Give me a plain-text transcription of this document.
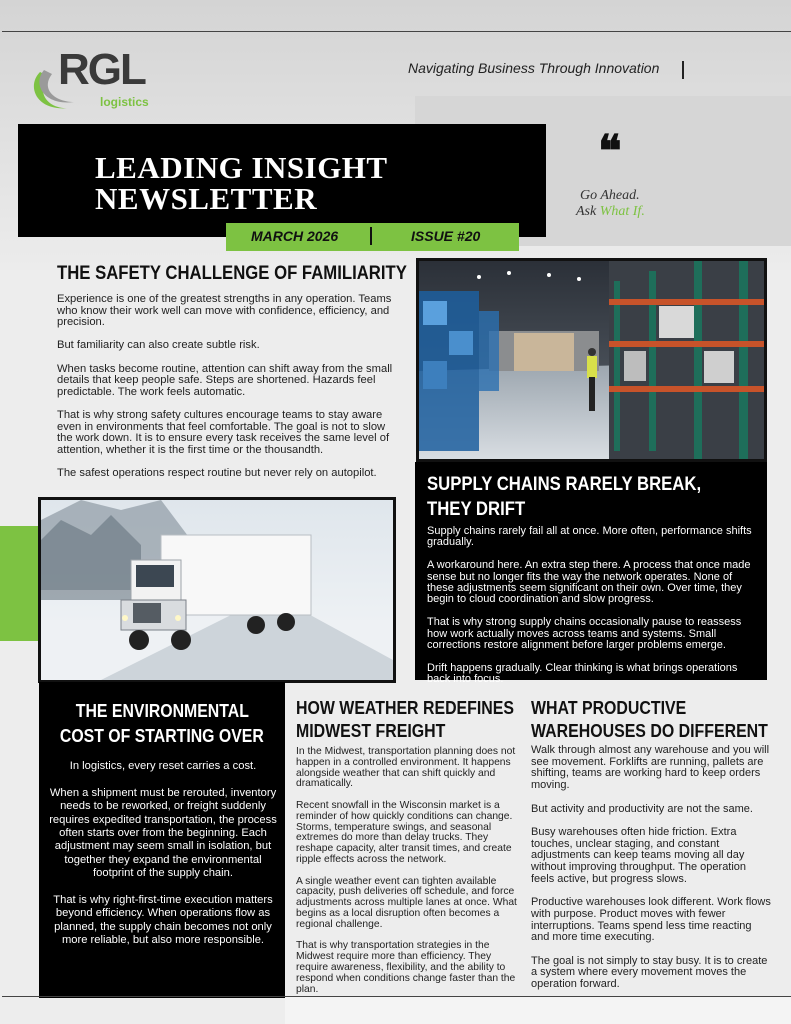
RGL
logistics
Navigating Business Through Innovation
❝
Go Ahead.
Ask What If.
LEADING INSIGHT
NEWSLETTER
MARCH 2026	ISSUE #20
THE SAFETY CHALLENGE OF FAMILIARITY

Experience is one of the greatest strengths in any operation. Teams who know their work well can move with confidence, efficiency, and precision.

But familiarity can also create subtle risk.

When tasks become routine, attention can shift away from the small details that keep people safe. Steps are shortened. Hazards feel predictable. The work feels automatic.

That is why strong safety cultures encourage teams to stay aware even in environments that feel comfortable. The goal is not to slow the work down. It is to ensure every task receives the same level of attention, whether it is the first time or the thousandth.

The safest operations respect routine but never rely on autopilot.

SUPPLY CHAINS RARELY BREAK,
THEY DRIFT

Supply chains rarely fail all at once. More often, performance shifts gradually.

A workaround here. An extra step there. A process that once made sense but no longer fits the way the network operates. None of these adjustments seem significant on their own. Over time, they begin to cloud coordination and slow progress.

That is why strong supply chains occasionally pause to reassess how work actually moves across teams and systems. Small corrections restore alignment before larger problems emerge.

Drift happens gradually. Clear thinking is what brings operations back into focus.

THE ENVIRONMENTAL
COST OF STARTING OVER

In logistics, every reset carries a cost.

When a shipment must be rerouted, inventory needs to be reworked, or freight suddenly requires expedited transportation, the process often starts over from the beginning. Each adjustment may seem small in isolation, but together they expand the environmental footprint of the supply chain.

That is why right-first-time execution matters beyond efficiency. When operations flow as planned, the supply chain becomes not only more reliable, but also more responsible.

HOW WEATHER REDEFINES
MIDWEST FREIGHT

In the Midwest, transportation planning does not happen in a controlled environment. It happens alongside weather that can shift quickly and dramatically.

Recent snowfall in the Wisconsin market is a reminder of how quickly conditions can change. Storms, temperature swings, and seasonal extremes do more than delay trucks. They reshape capacity, alter transit times, and create ripple effects across the network.

A single weather event can tighten available capacity, push deliveries off schedule, and force adjustments across multiple lanes at once. What begins as a local disruption often becomes a regional challenge.

That is why transportation strategies in the Midwest require more than efficiency. They require awareness, flexibility, and the ability to respond when conditions change faster than the plan.

WHAT PRODUCTIVE
WAREHOUSES DO DIFFERENT

Walk through almost any warehouse and you will see movement. Forklifts are running, pallets are shifting, teams are working hard to keep orders moving.

But activity and productivity are not the same.

Busy warehouses often hide friction. Extra touches, unclear staging, and constant adjustments can keep teams moving all day without improving throughput. The operation feels active, but progress slows.

Productive warehouses look different. Work flows with purpose. Product moves with fewer interruptions. Teams spend less time reacting and more time executing.

The goal is not simply to stay busy. It is to create a system where every movement moves the operation forward.
